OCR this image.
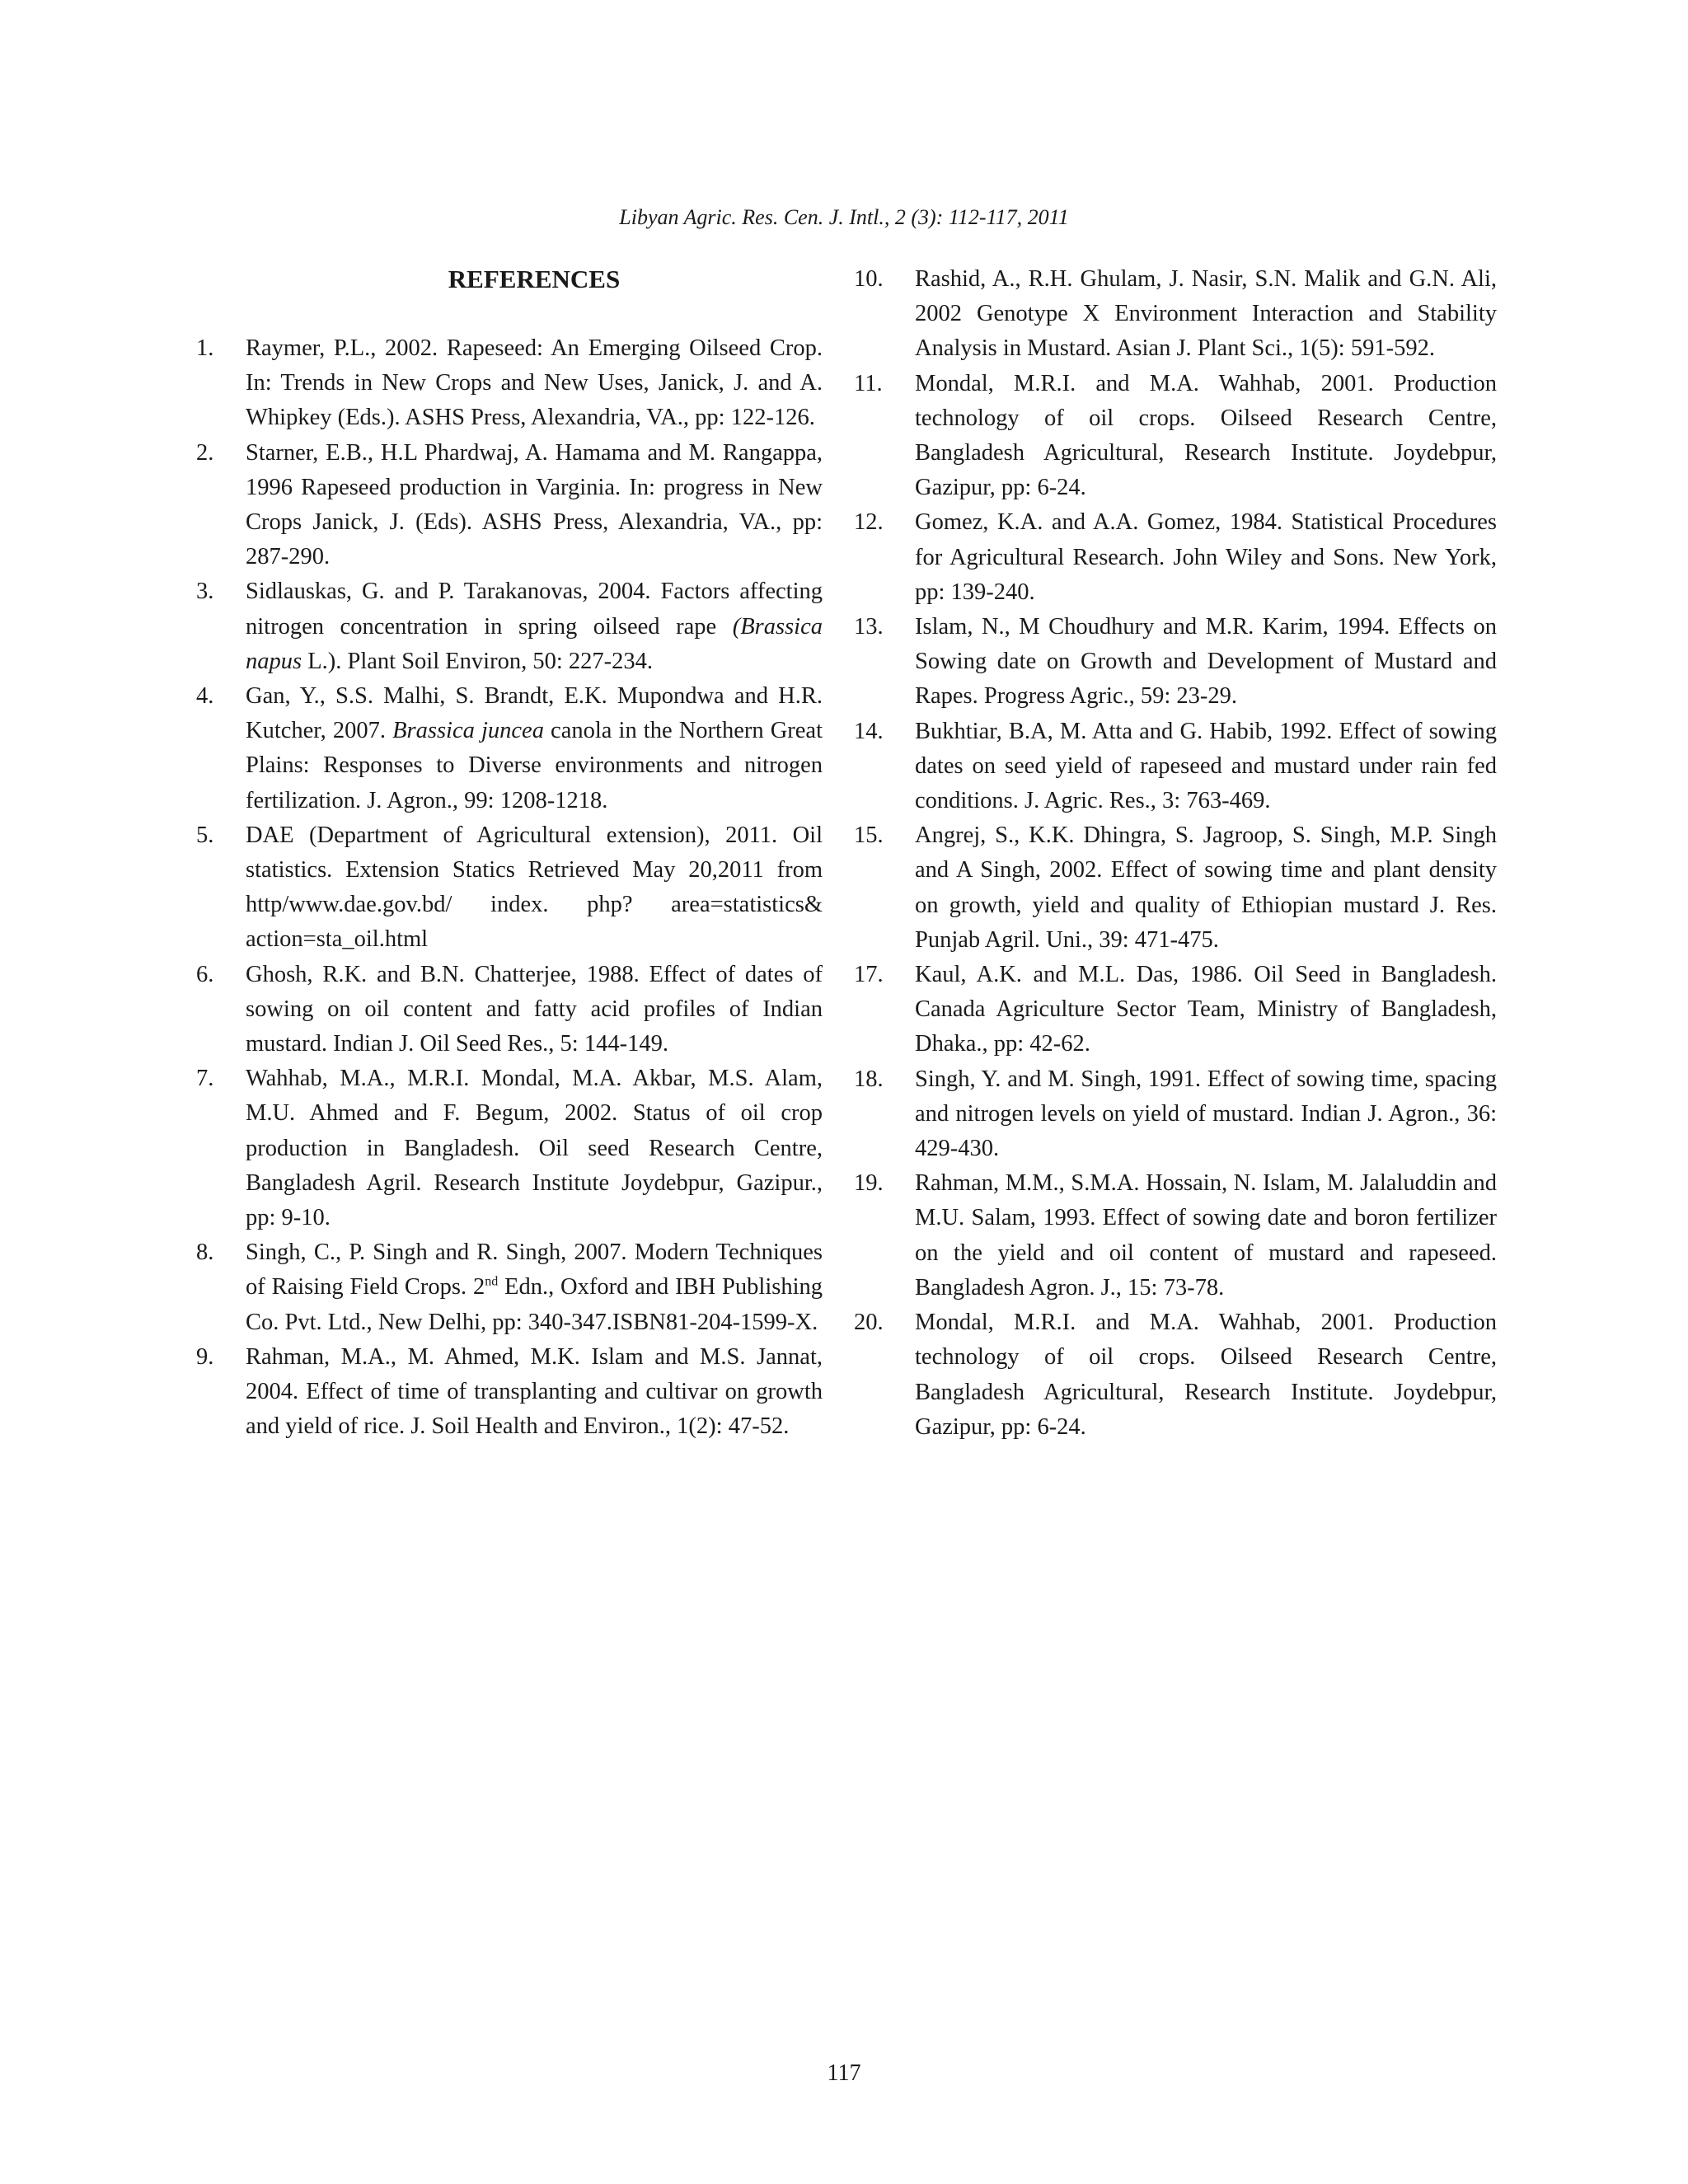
Libyan Agric. Res. Cen. J. Intl., 2 (3): 112-117, 2011
REFERENCES
1.	Raymer, P.L., 2002. Rapeseed: An Emerging Oilseed Crop. In: Trends in New Crops and New Uses, Janick, J. and A. Whipkey (Eds.). ASHS Press, Alexandria, VA., pp: 122-126.
2.	Starner, E.B., H.L Phardwaj, A. Hamama and M. Rangappa, 1996 Rapeseed production in Varginia. In: progress in New Crops Janick, J. (Eds). ASHS Press, Alexandria, VA., pp: 287-290.
3.	Sidlauskas, G. and P. Tarakanovas, 2004. Factors affecting nitrogen concentration in spring oilseed rape (Brassica napus L.). Plant Soil Environ, 50: 227-234.
4.	Gan, Y., S.S. Malhi, S. Brandt, E.K. Mupondwa and H.R. Kutcher, 2007. Brassica juncea canola in the Northern Great Plains: Responses to Diverse environments and nitrogen fertilization. J. Agron., 99: 1208-1218.
5.	DAE (Department of Agricultural extension), 2011. Oil statistics. Extension Statics Retrieved May 20,2011 from http/www.dae.gov.bd/ index. php? area=statistics& action=sta_oil.html
6.	Ghosh, R.K. and B.N. Chatterjee, 1988. Effect of dates of sowing on oil content and fatty acid profiles of Indian mustard. Indian J. Oil Seed Res., 5: 144-149.
7.	Wahhab, M.A., M.R.I. Mondal, M.A. Akbar, M.S. Alam, M.U. Ahmed and F. Begum, 2002. Status of oil crop production in Bangladesh. Oil seed Research Centre, Bangladesh Agril. Research Institute Joydebpur, Gazipur., pp: 9-10.
8.	Singh, C., P. Singh and R. Singh, 2007. Modern Techniques of Raising Field Crops. 2nd Edn., Oxford and IBH Publishing Co. Pvt. Ltd., New Delhi, pp: 340-347.ISBN81-204-1599-X.
9.	Rahman, M.A., M. Ahmed, M.K. Islam and M.S. Jannat, 2004. Effect of time of transplanting and cultivar on growth and yield of rice. J. Soil Health and Environ., 1(2): 47-52.
10.	Rashid, A., R.H. Ghulam, J. Nasir, S.N. Malik and G.N. Ali, 2002 Genotype X Environment Interaction and Stability Analysis in Mustard. Asian J. Plant Sci., 1(5): 591-592.
11.	Mondal, M.R.I. and M.A. Wahhab, 2001. Production technology of oil crops. Oilseed Research Centre, Bangladesh Agricultural, Research Institute. Joydebpur, Gazipur, pp: 6-24.
12.	Gomez, K.A. and A.A. Gomez, 1984. Statistical Procedures for Agricultural Research. John Wiley and Sons. New York, pp: 139-240.
13.	Islam, N., M Choudhury and M.R. Karim, 1994. Effects on Sowing date on Growth and Development of Mustard and Rapes. Progress Agric., 59: 23-29.
14.	Bukhtiar, B.A, M. Atta and G. Habib, 1992. Effect of sowing dates on seed yield of rapeseed and mustard under rain fed conditions. J. Agric. Res., 3: 763-469.
15.	Angrej, S., K.K. Dhingra, S. Jagroop, S. Singh, M.P. Singh and A Singh, 2002. Effect of sowing time and plant density on growth, yield and quality of Ethiopian mustard J. Res. Punjab Agril. Uni., 39: 471-475.
17.	Kaul, A.K. and M.L. Das, 1986. Oil Seed in Bangladesh. Canada Agriculture Sector Team, Ministry of Bangladesh, Dhaka., pp: 42-62.
18.	Singh, Y. and M. Singh, 1991. Effect of sowing time, spacing and nitrogen levels on yield of mustard. Indian J. Agron., 36: 429-430.
19.	Rahman, M.M., S.M.A. Hossain, N. Islam, M. Jalaluddin and M.U. Salam, 1993. Effect of sowing date and boron fertilizer on the yield and oil content of mustard and rapeseed. Bangladesh Agron. J., 15: 73-78.
20.	Mondal, M.R.I. and M.A. Wahhab, 2001. Production technology of oil crops. Oilseed Research Centre, Bangladesh Agricultural, Research Institute. Joydebpur, Gazipur, pp: 6-24.
117
